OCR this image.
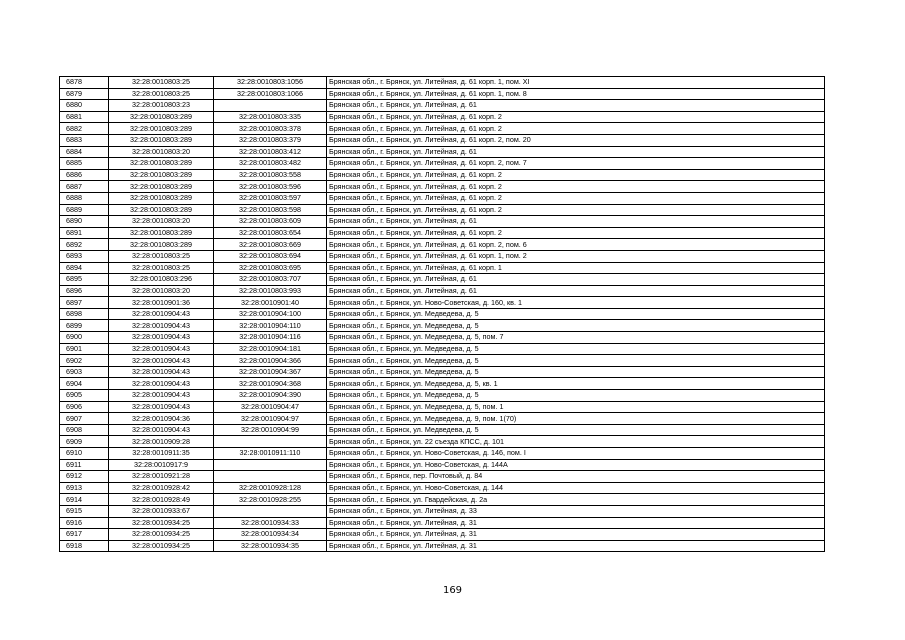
6878	32:28:0010803:25	32:28:0010803:1056	Брянская обл., г. Брянск, ул. Литейная, д. 61 корп. 1, пом. XI
6879	32:28:0010803:25	32:28:0010803:1066	Брянская обл., г. Брянск, ул. Литейная, д. 61 корп. 1, пом. 8
6880	32:28:0010803:23		Брянская обл., г. Брянск, ул. Литейная, д. 61
6881	32:28:0010803:289	32:28:0010803:335	Брянская обл., г. Брянск, ул. Литейная, д. 61 корп. 2
6882	32:28:0010803:289	32:28:0010803:378	Брянская обл., г. Брянск, ул. Литейная, д. 61 корп. 2
6883	32:28:0010803:289	32:28:0010803:379	Брянская обл., г. Брянск, ул. Литейная, д. 61 корп. 2, пом. 20
6884	32:28:0010803:20	32:28:0010803:412	Брянская обл., г. Брянск, ул. Литейная, д. 61
6885	32:28:0010803:289	32:28:0010803:482	Брянская обл., г. Брянск, ул. Литейная, д. 61 корп. 2, пом. 7
6886	32:28:0010803:289	32:28:0010803:558	Брянская обл., г. Брянск, ул. Литейная, д. 61 корп. 2
6887	32:28:0010803:289	32:28:0010803:596	Брянская обл., г. Брянск, ул. Литейная, д. 61 корп. 2
6888	32:28:0010803:289	32:28:0010803:597	Брянская обл., г. Брянск, ул. Литейная, д. 61 корп. 2
6889	32:28:0010803:289	32:28:0010803:598	Брянская обл., г. Брянск, ул. Литейная, д. 61 корп. 2
6890	32:28:0010803:20	32:28:0010803:609	Брянская обл., г. Брянск, ул. Литейная, д. 61
6891	32:28:0010803:289	32:28:0010803:654	Брянская обл., г. Брянск, ул. Литейная, д. 61 корп. 2
6892	32:28:0010803:289	32:28:0010803:669	Брянская обл., г. Брянск, ул. Литейная, д. 61 корп. 2, пом. 6
6893	32:28:0010803:25	32:28:0010803:694	Брянская обл., г. Брянск, ул. Литейная, д. 61 корп. 1, пом. 2
6894	32:28:0010803:25	32:28:0010803:695	Брянская обл., г. Брянск, ул. Литейная, д. 61 корп. 1
6895	32:28:0010803:296	32:28:0010803:707	Брянская обл., г. Брянск, ул. Литейная, д. 61
6896	32:28:0010803:20	32:28:0010803:993	Брянская обл., г. Брянск, ул. Литейная, д. 61
6897	32:28:0010901:36	32:28:0010901:40	Брянская обл., г. Брянск, ул. Ново-Советская, д. 160, кв. 1
6898	32:28:0010904:43	32:28:0010904:100	Брянская обл., г. Брянск, ул. Медведева, д. 5
6899	32:28:0010904:43	32:28:0010904:110	Брянская обл., г. Брянск, ул. Медведева, д. 5
6900	32:28:0010904:43	32:28:0010904:116	Брянская обл., г. Брянск, ул. Медведева, д. 5, пом. 7
6901	32:28:0010904:43	32:28:0010904:181	Брянская обл., г. Брянск, ул. Медведева, д. 5
6902	32:28:0010904:43	32:28:0010904:366	Брянская обл., г. Брянск, ул. Медведева, д. 5
6903	32:28:0010904:43	32:28:0010904:367	Брянская обл., г. Брянск, ул. Медведева, д. 5
6904	32:28:0010904:43	32:28:0010904:368	Брянская обл., г. Брянск, ул. Медведева, д. 5, кв. 1
6905	32:28:0010904:43	32:28:0010904:390	Брянская обл., г. Брянск, ул. Медведева, д. 5
6906	32:28:0010904:43	32:28:0010904:47	Брянская обл., г. Брянск, ул. Медведева, д. 5, пом. 1
6907	32:28:0010904:36	32:28:0010904:97	Брянская обл., г. Брянск, ул. Медведева, д. 9, пом. 1(70)
6908	32:28:0010904:43	32:28:0010904:99	Брянская обл., г. Брянск, ул. Медведева, д. 5
6909	32:28:0010909:28		Брянская обл., г. Брянск, ул. 22 съезда КПСС, д. 101
6910	32:28:0010911:35	32:28:0010911:110	Брянская обл., г. Брянск, ул. Ново-Советская, д. 146, пом. I
6911	32:28:0010917:9		Брянская обл., г. Брянск, ул. Ново-Советская, д. 144А
6912	32:28:0010921:28		Брянская обл., г. Брянск, пер. Почтовый, д. 84
6913	32:28:0010928:42	32:28:0010928:128	Брянская обл., г. Брянск, ул. Ново-Советская, д. 144
6914	32:28:0010928:49	32:28:0010928:255	Брянская обл., г. Брянск, ул. Гвардейская, д. 2а
6915	32:28:0010933:67		Брянская обл., г. Брянск, ул. Литейная, д. 33
6916	32:28:0010934:25	32:28:0010934:33	Брянская обл., г. Брянск, ул. Литейная, д. 31
6917	32:28:0010934:25	32:28:0010934:34	Брянская обл., г. Брянск, ул. Литейная, д. 31
6918	32:28:0010934:25	32:28:0010934:35	Брянская обл., г. Брянск, ул. Литейная, д. 31
169
